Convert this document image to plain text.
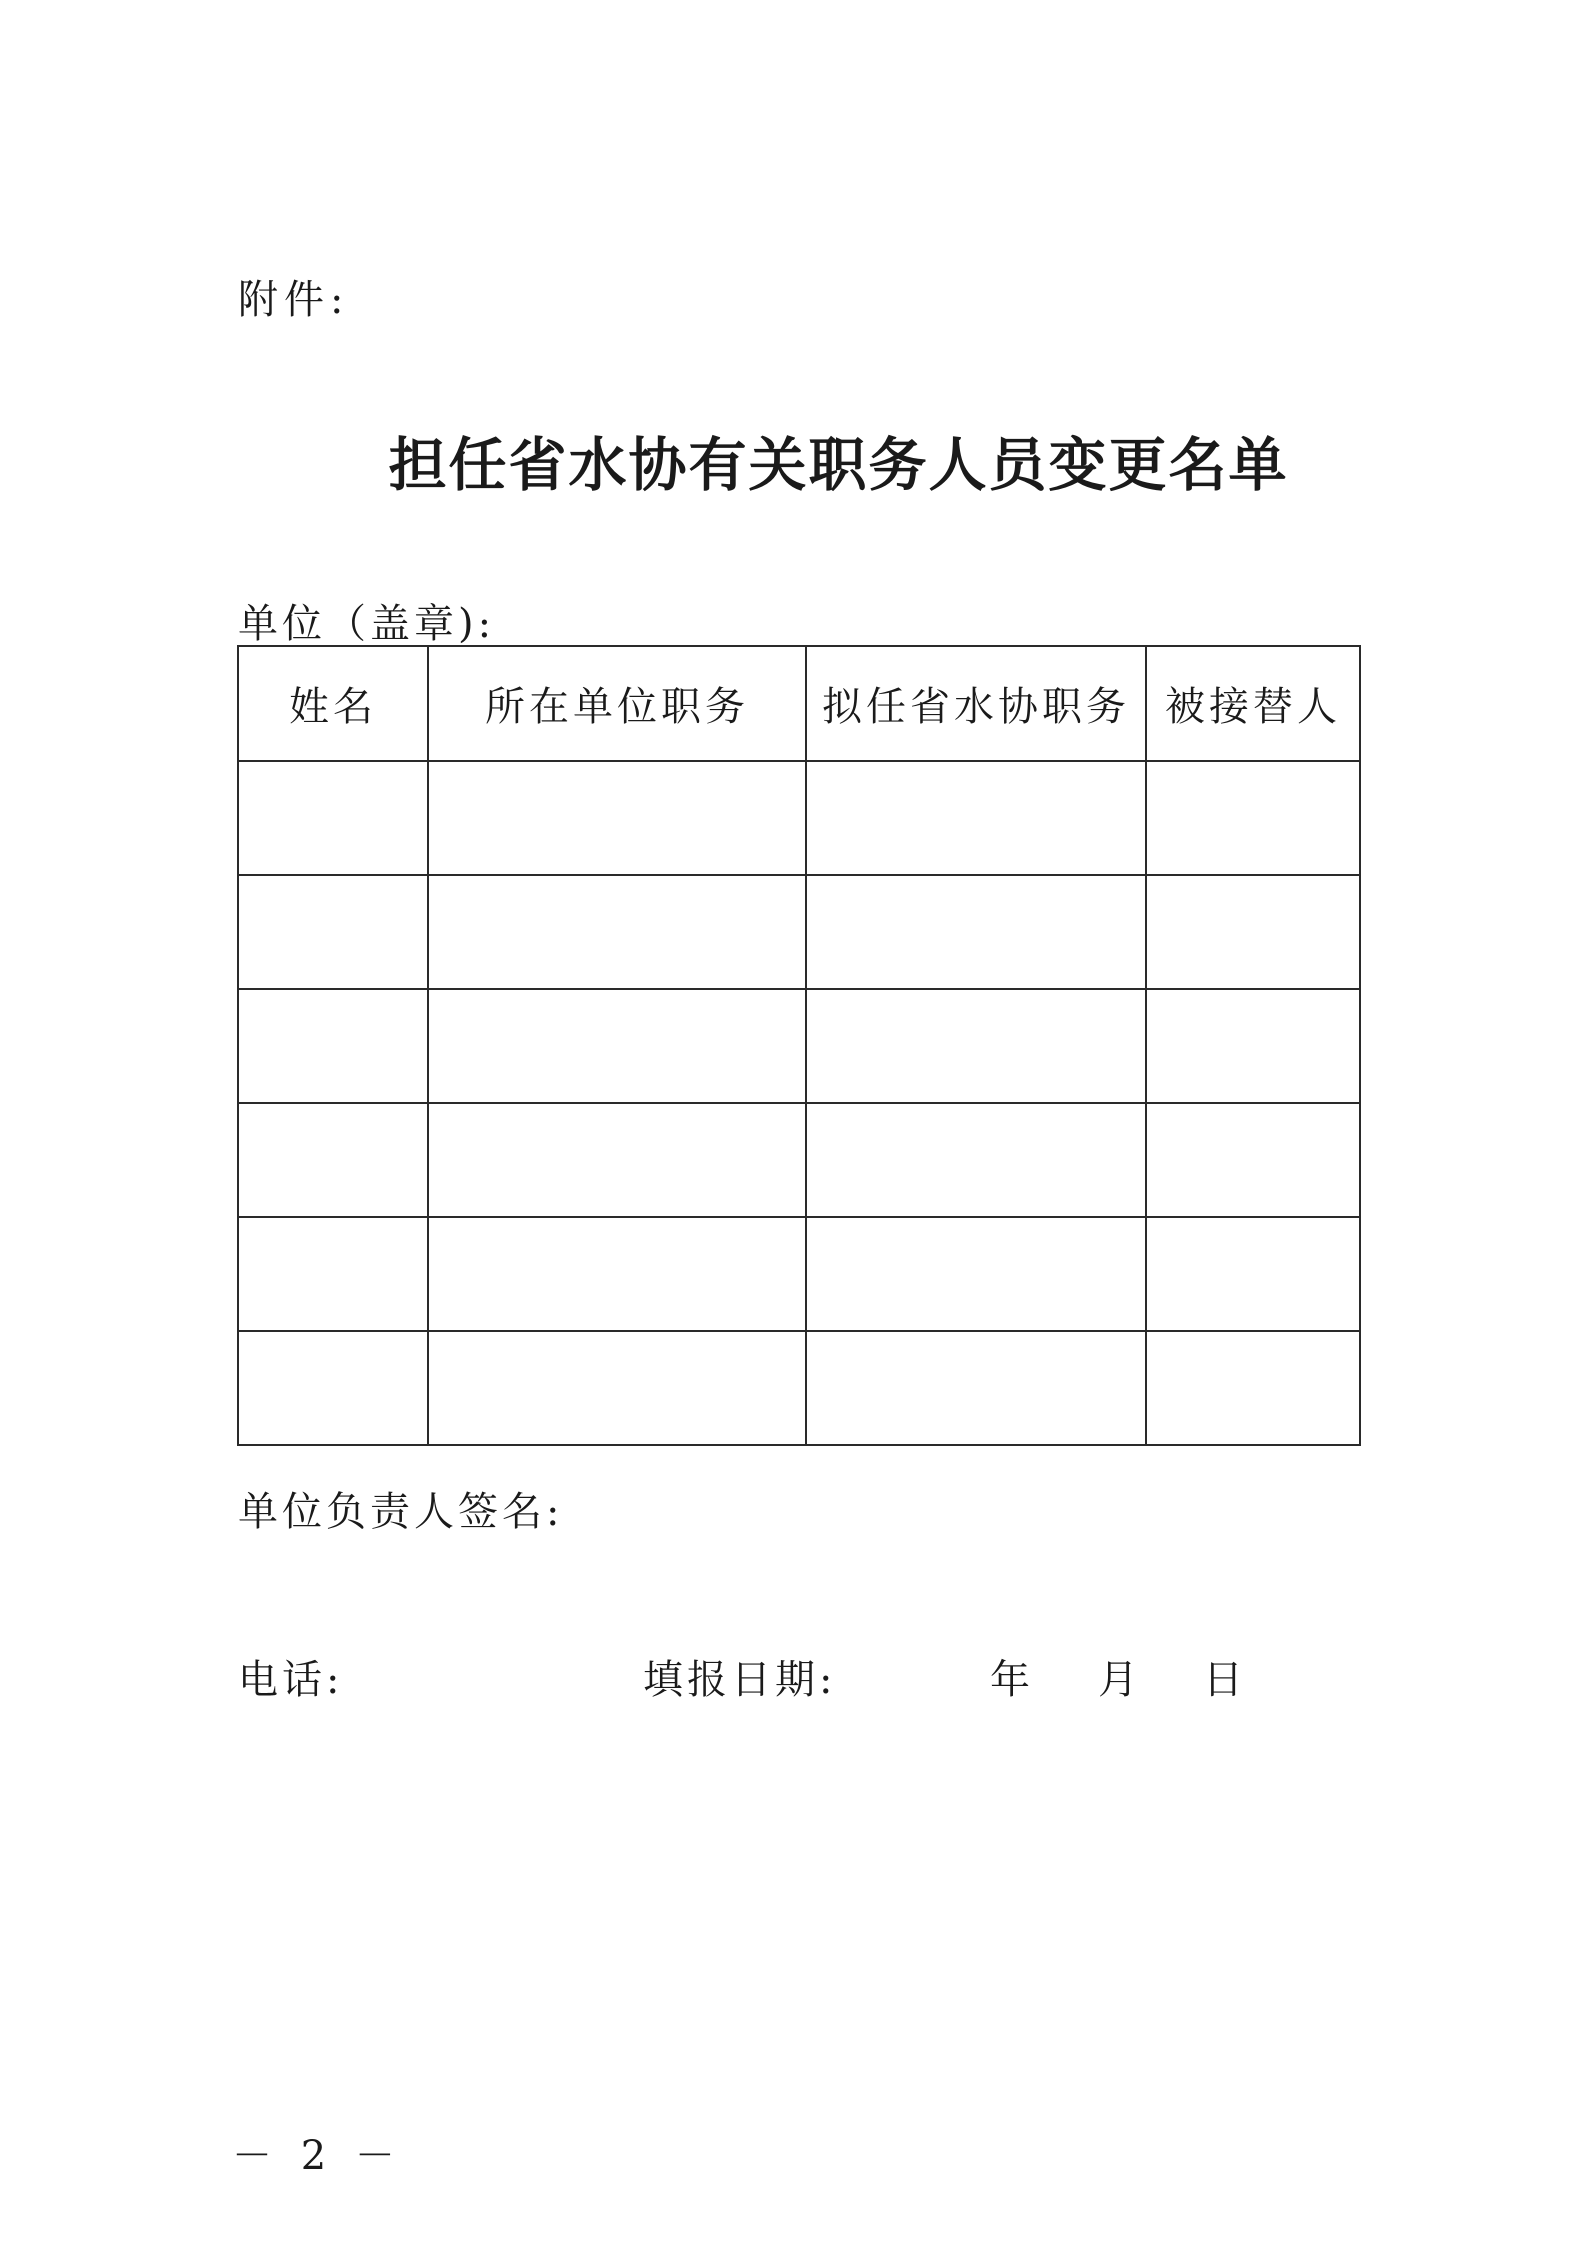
附件:
担任省水协有关职务人员变更名单
单位（盖章):
姓名	所在单位职务	拟任省水协职务	被接替人

单位负责人签名:
电话:	填报日期:	年 月 日
－ 2 －
